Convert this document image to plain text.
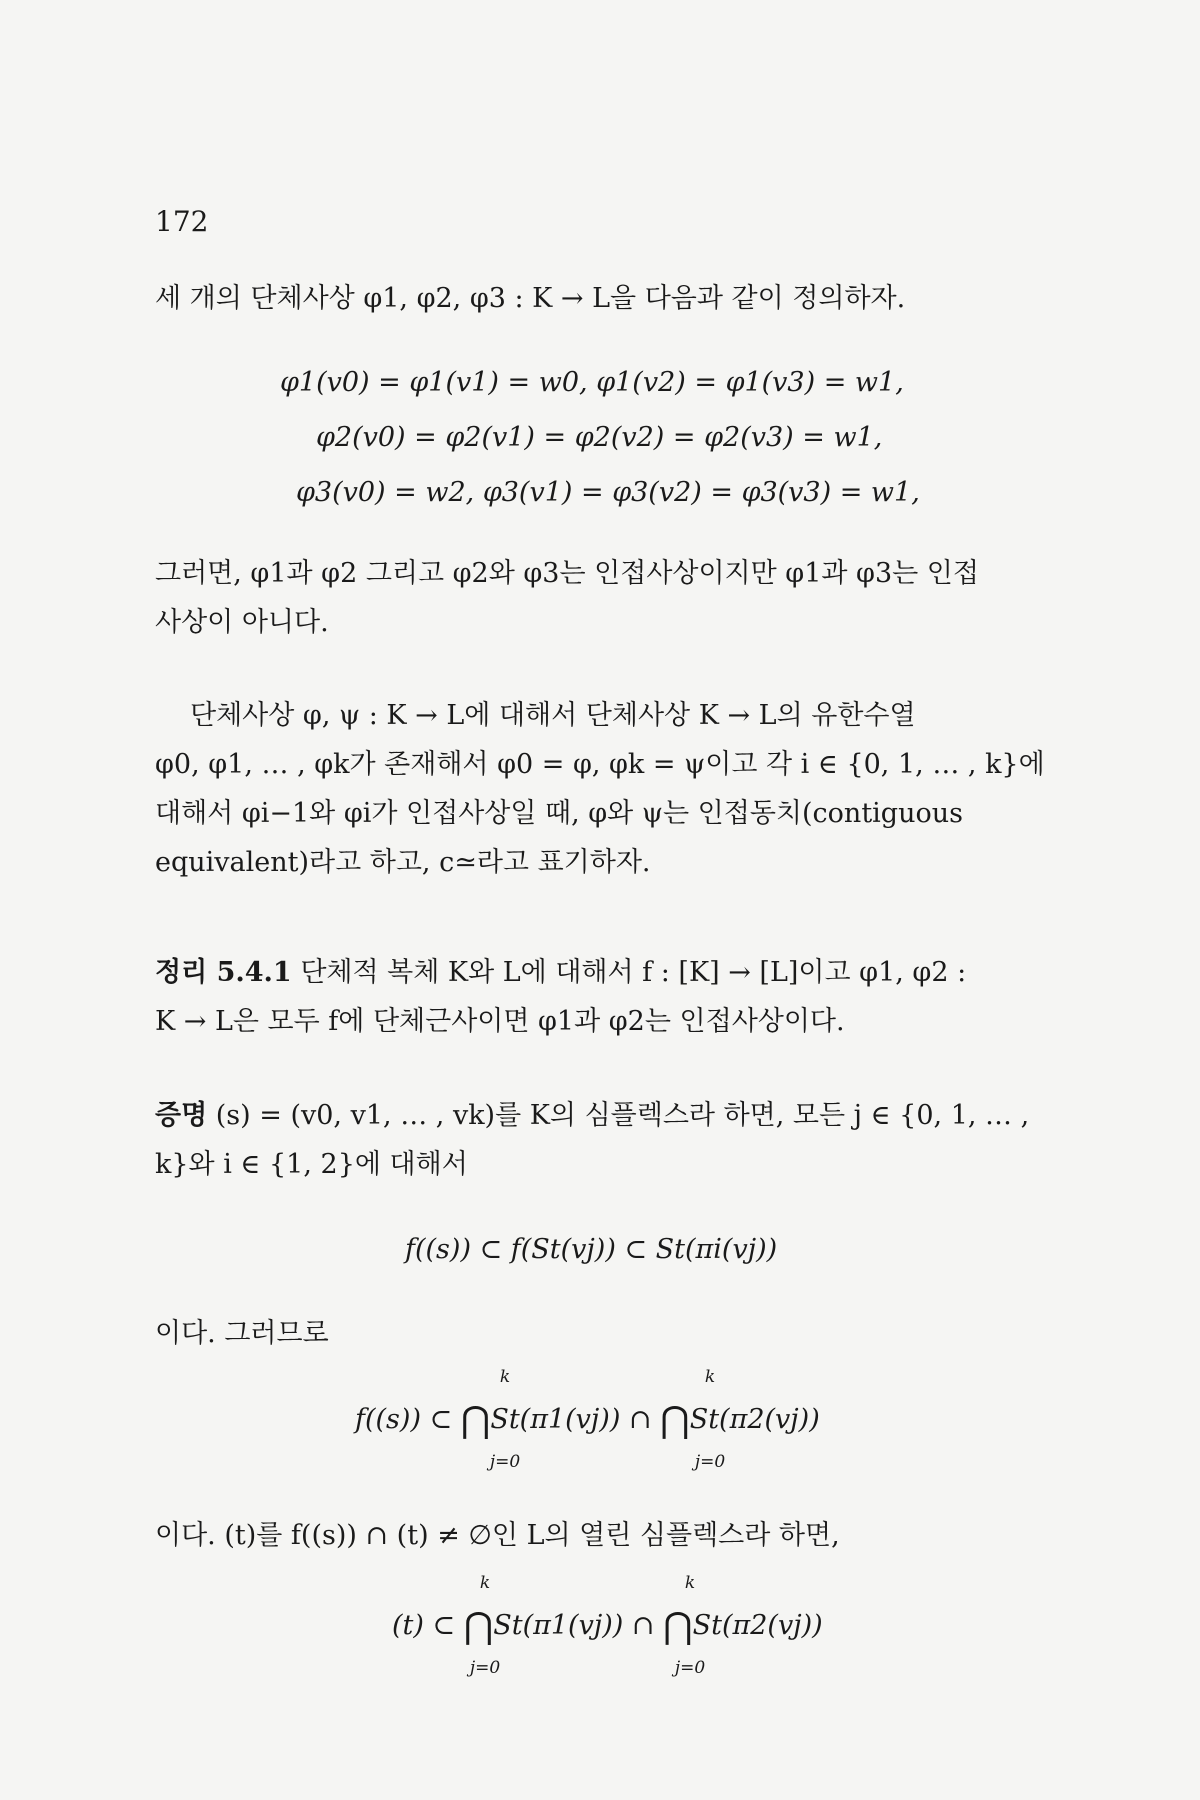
172
세 개의 단체사상 φ1, φ2, φ3 : K → L을 다음과 같이 정의하자.
φ1(v0) = φ1(v1) = w0, φ1(v2) = φ1(v3) = w1,
φ2(v0) = φ2(v1) = φ2(v2) = φ2(v3) = w1,
φ3(v0) = w2, φ3(v1) = φ3(v2) = φ3(v3) = w1,
그러면, φ1과 φ2 그리고 φ2와 φ3는 인접사상이지만 φ1과 φ3는 인접
사상이 아니다.
단체사상 φ, ψ : K → L에 대해서 단체사상 K → L의 유한수열
φ0, φ1, … , φk가 존재해서 φ0 = φ, φk = ψ이고 각 i ∈ {0, 1, … , k}에
대해서 φi−1와 φi가 인접사상일 때, φ와 ψ는 인접동치(contiguous
equivalent)라고 하고, c≃라고 표기하자.
정리 5.4.1 단체적 복체 K와 L에 대해서 f : [K] → [L]이고 φ1, φ2 :
K → L은 모두 f에 단체근사이면 φ1과 φ2는 인접사상이다.
증명 (s) = (v0, v1, … , vk)를 K의 심플렉스라 하면, 모든 j ∈ {0, 1, … ,
k}와 i ∈ {1, 2}에 대해서
f((s)) ⊂ f(St(vj)) ⊂ St(πi(vj))
이다. 그러므로
k	k
f((s)) ⊂ ⋂St(π1(vj)) ∩ ⋂St(π2(vj))
j=0	j=0
이다. (t)를 f((s)) ∩ (t) ≠ ∅인 L의 열린 심플렉스라 하면,
k	k
(t) ⊂ ⋂St(π1(vj)) ∩ ⋂St(π2(vj))
j=0	j=0
